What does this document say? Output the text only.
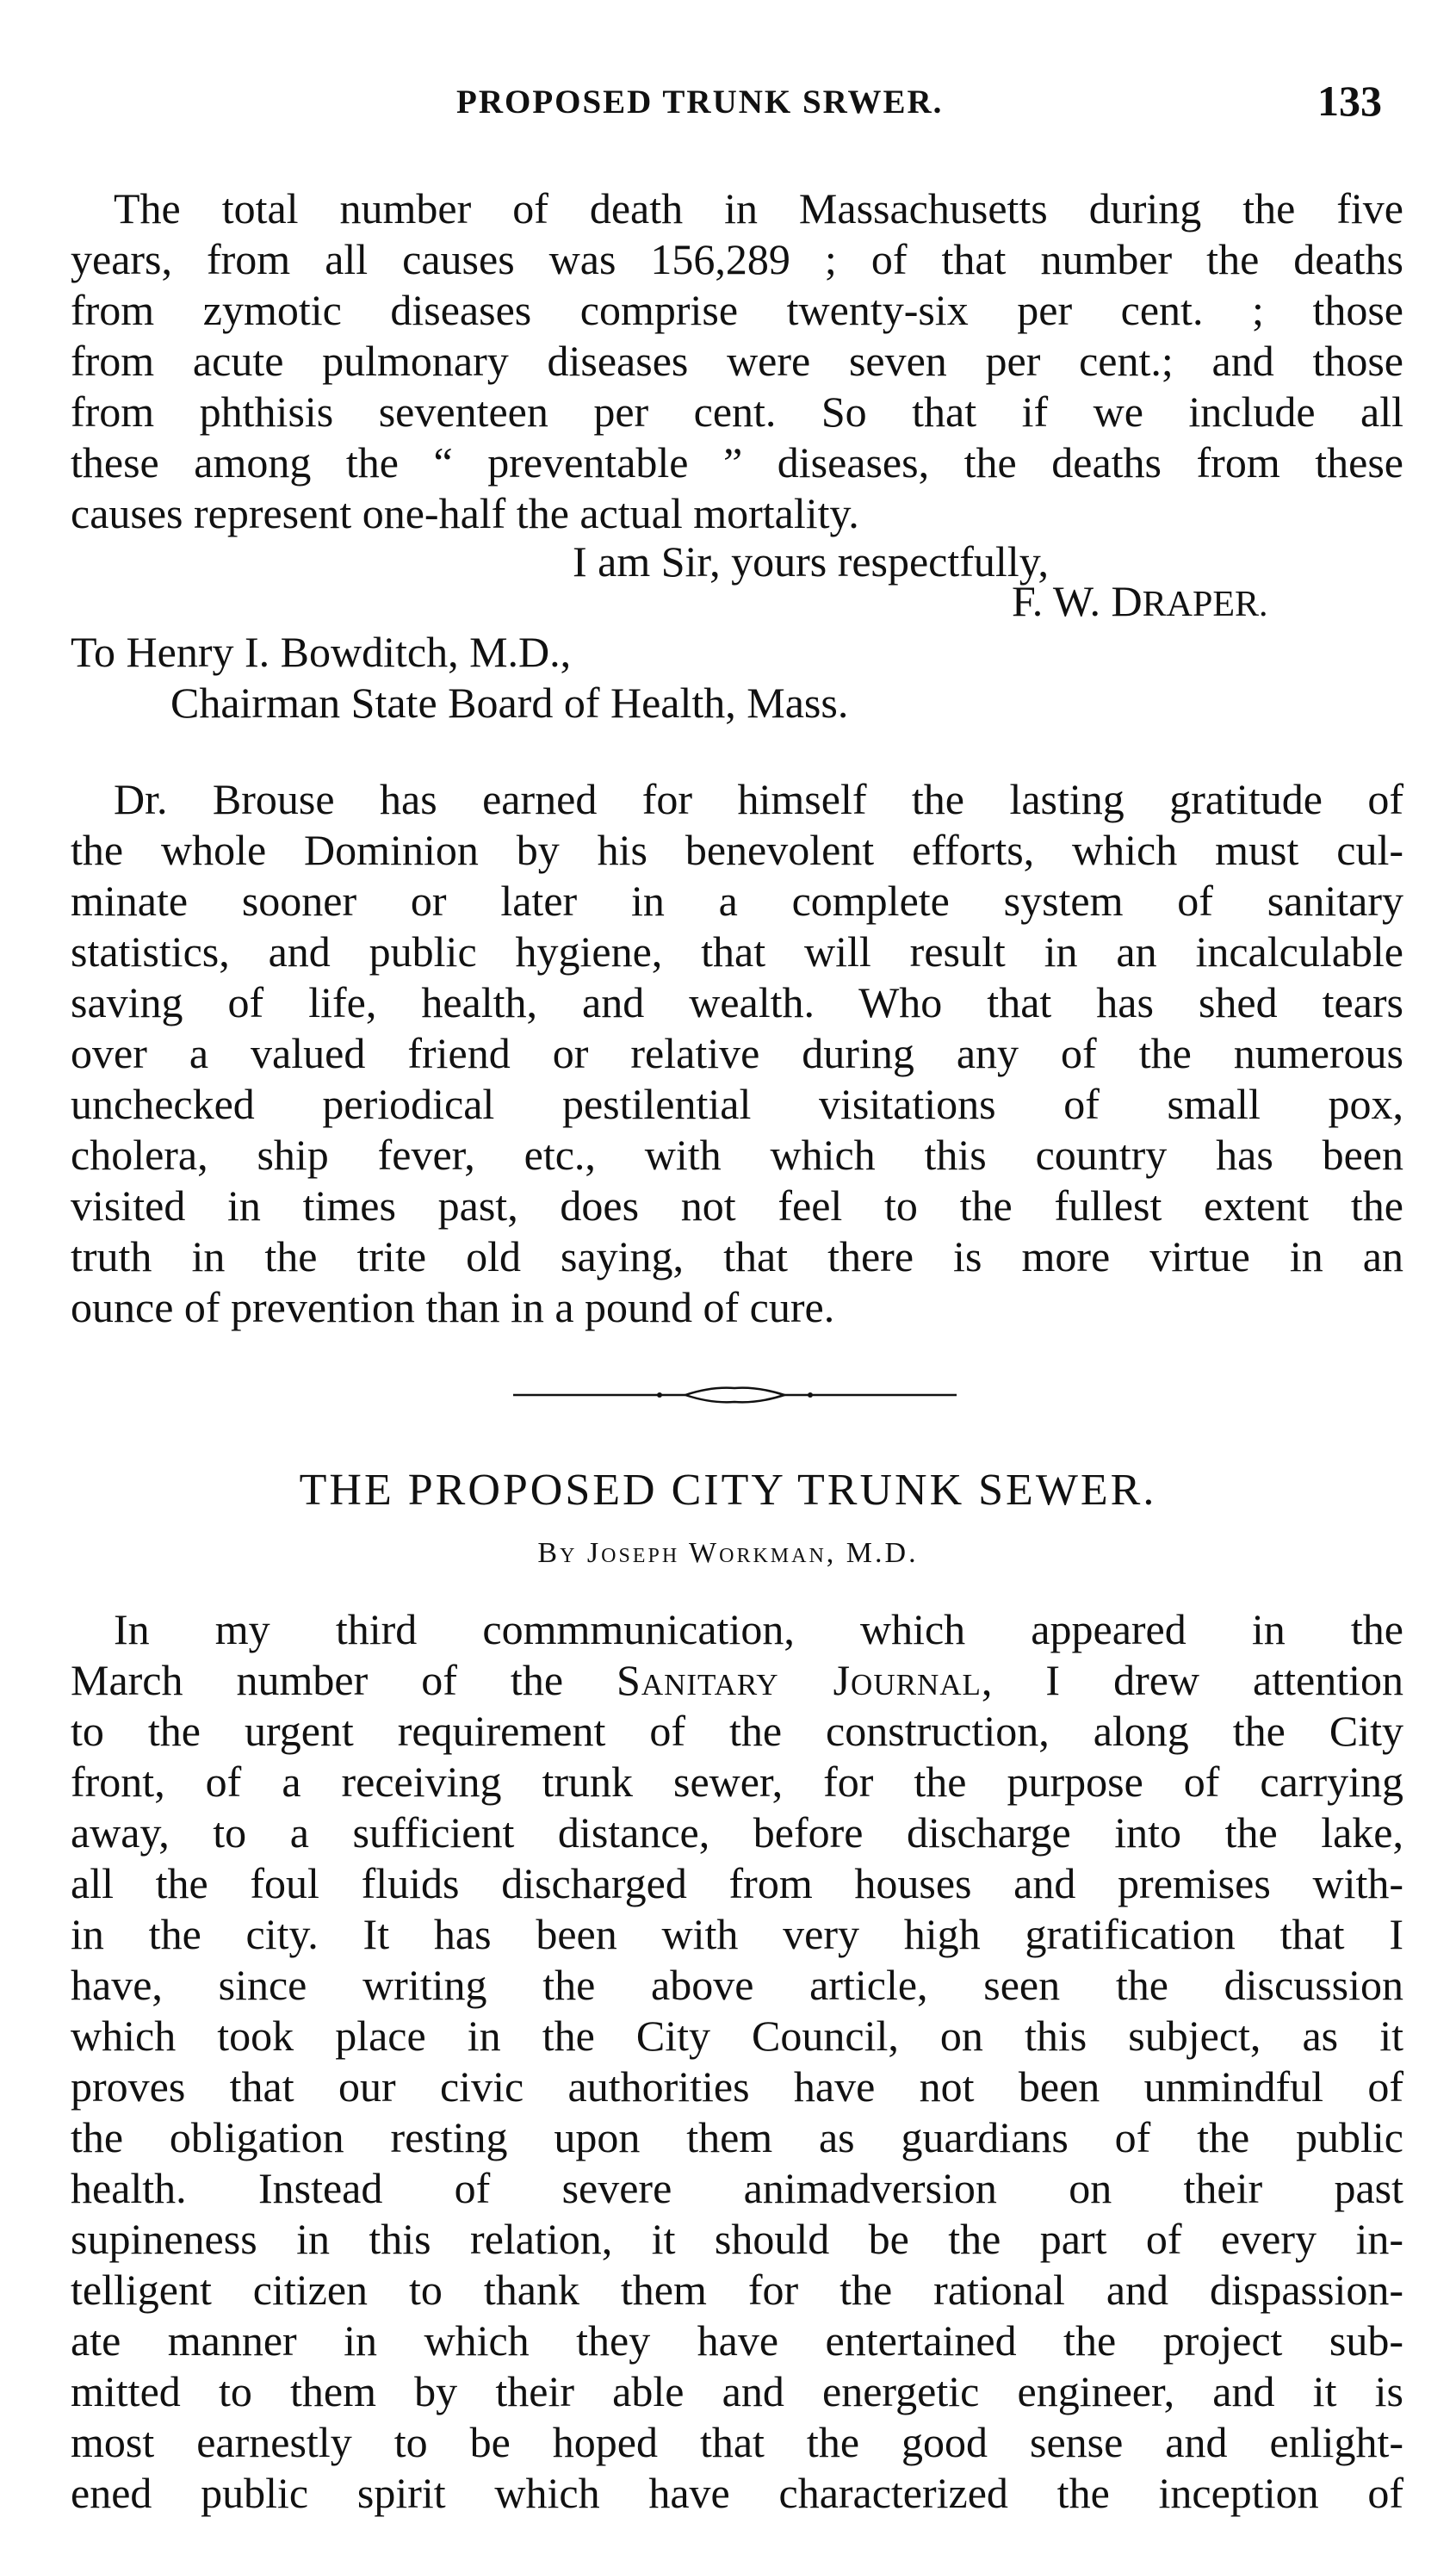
PROPOSED TRUNK SRWER.	133
The total number of death in Massachusetts during the five
years, from all causes was 156,289 ; of that number the deaths
from zymotic diseases comprise twenty-six per cent. ; those
from acute pulmonary diseases were seven per cent.; and those
from phthisis seventeen per cent. So that if we include all
these among the “ preventable ” diseases, the deaths from these
causes represent one-half the actual mortality.
I am Sir, yours respectfully,
F. W. DRAPER.
To Henry I. Bowditch, M.D.,
Chairman State Board of Health, Mass.
Dr. Brouse has earned for himself the lasting gratitude of
the whole Dominion by his benevolent efforts, which must cul-
minate sooner or later in a complete system of sanitary
statistics, and public hygiene, that will result in an incalculable
saving of life, health, and wealth. Who that has shed tears
over a valued friend or relative during any of the numerous
unchecked periodical pestilential visitations of small pox,
cholera, ship fever, etc., with which this country has been
visited in times past, does not feel to the fullest extent the
truth in the trite old saying, that there is more virtue in an
ounce of prevention than in a pound of cure.
THE PROPOSED CITY TRUNK SEWER.
By Joseph Workman, M.D.
In my third commmunication, which appeared in the
March number of the Sanitary Journal, I drew attention
to the urgent requirement of the construction, along the City
front, of a receiving trunk sewer, for the purpose of carrying
away, to a sufficient distance, before discharge into the lake,
all the foul fluids discharged from houses and premises with-
in the city. It has been with very high gratification that I
have, since writing the above article, seen the discussion
which took place in the City Council, on this subject, as it
proves that our civic authorities have not been unmindful of
the obligation resting upon them as guardians of the public
health. Instead of severe animadversion on their past
supineness in this relation, it should be the part of every in-
telligent citizen to thank them for the rational and dispassion-
ate manner in which they have entertained the project sub-
mitted to them by their able and energetic engineer, and it is
most earnestly to be hoped that the good sense and enlight-
ened public spirit which have characterized the inception of
